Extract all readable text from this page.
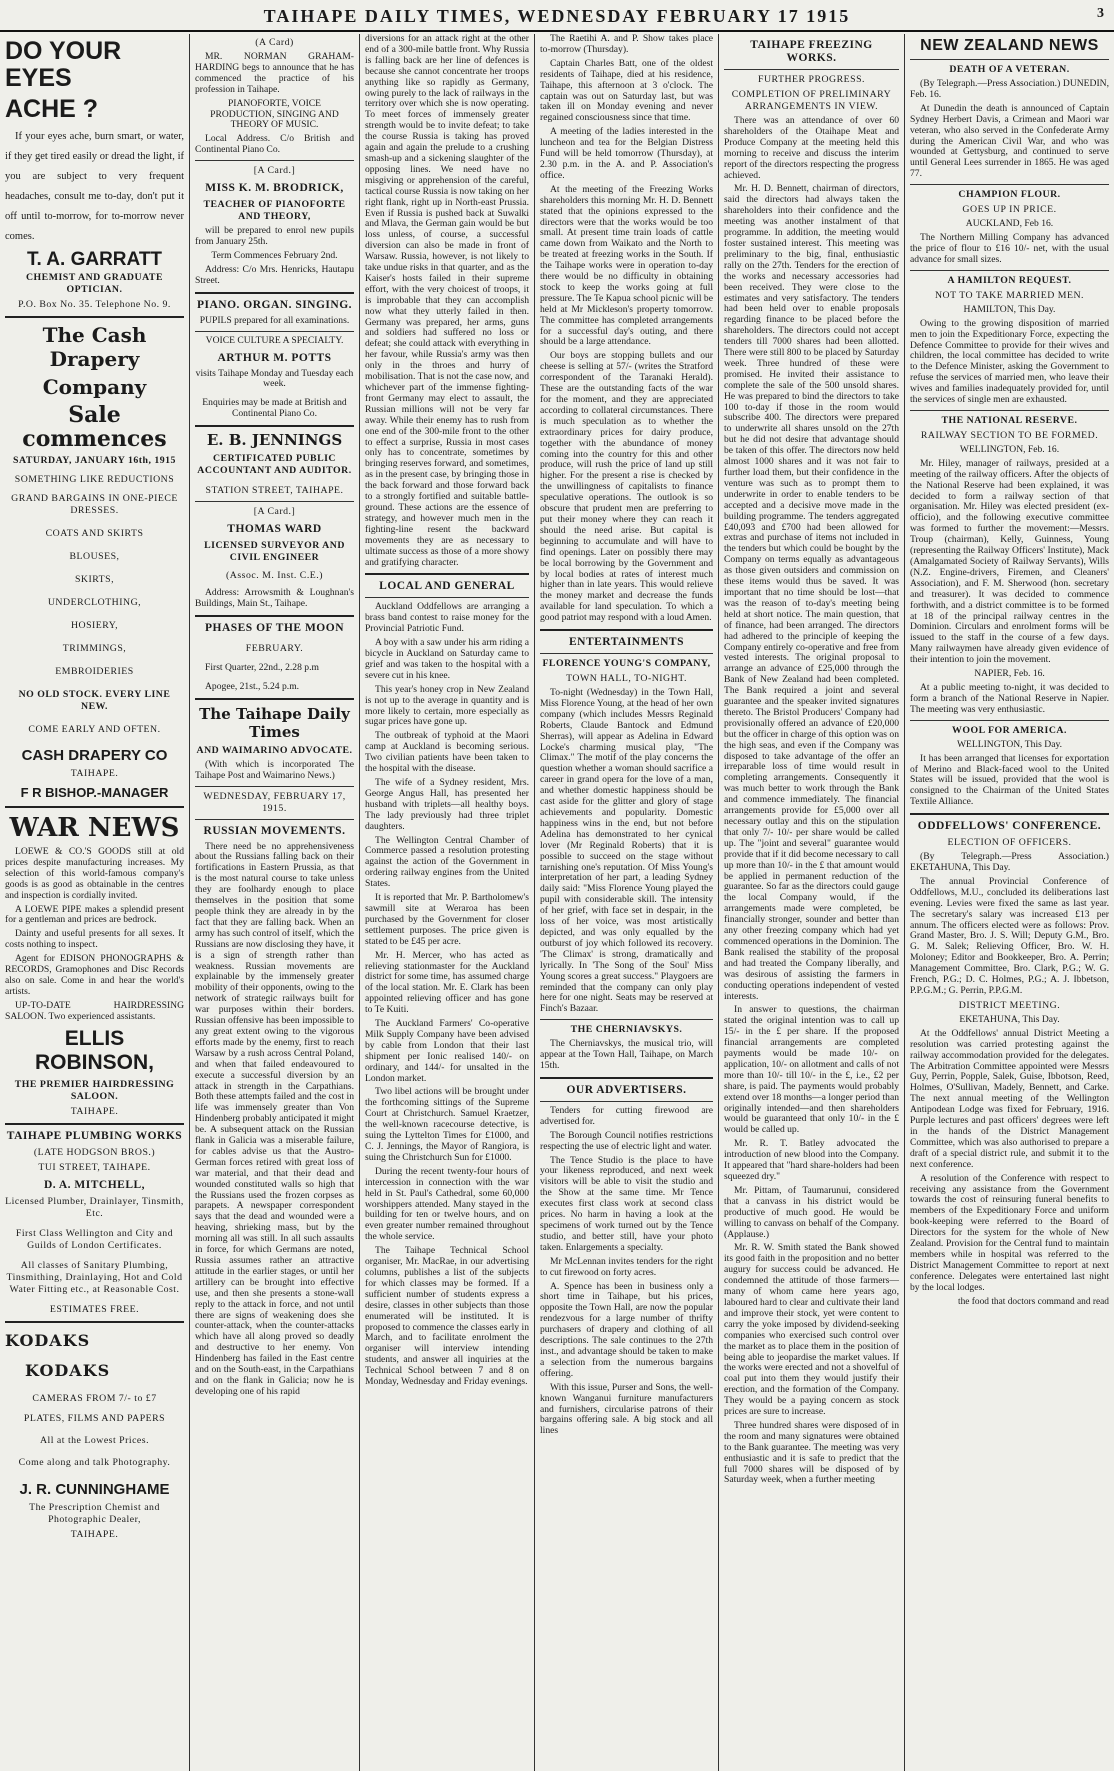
TAIHAPE DAILY TIMES, WEDNESDAY FEBRUARY 17 1915	3
DO YOUR EYES
ACHE ?

If your eyes ache, burn smart, or water, if they get tired easily or dread the light, if you are subject to very frequent headaches, consult me to-day, don't put it off until to-morrow, for to-morrow never comes.

T. A. GARRATT
CHEMIST AND GRADUATE OPTICIAN.
P.O. Box No. 35. Telephone No. 9.
The Cash Drapery
Company
Sale commences
SATURDAY, JANUARY 16th, 1915
SOMETHING LIKE REDUCTIONS
GRAND BARGAINS IN ONE-PIECE DRESSES.
COATS AND SKIRTS
BLOUSES,
SKIRTS,
UNDERCLOTHING,
HOSIERY,
TRIMMINGS,
EMBROIDERIES
NO OLD STOCK. EVERY LINE NEW.
COME EARLY AND OFTEN.
CASH DRAPERY CO
TAIHAPE.
F R BISHOP.-MANAGER
WAR NEWS

LOEWE & CO.'S GOODS still at old prices despite manufacturing increases. My selection of this world-famous company's goods is as good as obtainable in the centres and inspection is cordially invited.

A LOEWE PIPE makes a splendid present for a gentleman and prices are bedrock.

Dainty and useful presents for all sexes. It costs nothing to inspect.

Agent for EDISON PHONOGRAPHS & RECORDS, Gramophones and Disc Records also on sale. Come in and hear the world's artists.

UP-TO-DATE HAIRDRESSING SALOON. Two experienced assistants.

ELLIS ROBINSON,
THE PREMIER HAIRDRESSING SALOON.
TAIHAPE.
TAIHAPE PLUMBING WORKS
(LATE HODGSON BROS.)
TUI STREET, TAIHAPE.
D. A. MITCHELL,
Licensed Plumber, Drainlayer, Tinsmith, Etc.
First Class Wellington and City and Guilds of London Certificates.
All classes of Sanitary Plumbing, Tinsmithing, Drainlaying, Hot and Cold Water Fitting etc., at Reasonable Cost.
ESTIMATES FREE.
KODAKS
KODAKS
CAMERAS FROM 7/- to £7
PLATES, FILMS AND PAPERS
All at the Lowest Prices.
Come along and talk Photography.
J. R. CUNNINGHAME
The Prescription Chemist and Photographic Dealer,
TAIHAPE.
(A Card)

MR. NORMAN GRAHAM-HARDING begs to announce that he has commenced the practice of his profession in Taihape.

PIANOFORTE, VOICE PRODUCTION, SINGING AND THEORY OF MUSIC.

Local Address. C/o British and Continental Piano Co.

[A Card.]
MISS K. M. BRODRICK,
TEACHER OF PIANOFORTE AND THEORY,

will be prepared to enrol new pupils from January 25th.

Term Commences February 2nd.

Address: C/o Mrs. Henricks, Hautapu Street.

PIANO. ORGAN. SINGING.

PUPILS prepared for all examinations.

VOICE CULTURE A SPECIALTY.

ARTHUR M. POTTS

visits Taihape Monday and Tuesday each week.

Enquiries may be made at British and Continental Piano Co.

E. B. JENNINGS
CERTIFICATED PUBLIC ACCOUNTANT AND AUDITOR.
STATION STREET, TAIHAPE.
[A Card.]
THOMAS WARD
LICENSED SURVEYOR AND CIVIL ENGINEER
(Assoc. M. Inst. C.E.)

Address: Arrowsmith & Loughnan's Buildings, Main St., Taihape.

PHASES OF THE MOON
FEBRUARY.

First Quarter, 22nd., 2.28 p.m

Apogee, 21st., 5.24 p.m.

The Taihape Daily Times
AND WAIMARINO ADVOCATE.

(With which is incorporated The Taihape Post and Waimarino News.)

WEDNESDAY, FEBRUARY 17, 1915.
RUSSIAN MOVEMENTS.

There need be no apprehensiveness about the Russians falling back on their fortifications in Eastern Prussia, as that is the most natural course to take unless they are foolhardy enough to place themselves in the position that some people think they are already in by the fact that they are falling back. When an army has such control of itself, which the Russians are now disclosing they have, it is a sign of strength rather than weakness. Russian movements are explainable by the immensely greater mobility of their opponents, owing to the network of strategic railways built for war purposes within their borders. Russian offensive has been impossible to any great extent owing to the vigorous efforts made by the enemy, first to reach Warsaw by a rush across Central Poland, and when that failed endeavoured to execute a successful diversion by an attack in strength in the Carpathians. Both these attempts failed and the cost in life was immensely greater than Von Hindenberg probably anticipated it might be. A subsequent attack on the Russian flank in Galicia was a miserable failure, for cables advise us that the Austro-German forces retired with great loss of war material, and that their dead and wounded constituted walls so high that the Russians used the frozen corpses as parapets. A newspaper correspondent says that the dead and wounded were a heaving, shrieking mass, but by the morning all was still. In all such assaults in force, for which Germans are noted, Russia assumes rather an attractive attitude in the earlier stages, or until her artillery can be brought into effective use, and then she presents a stone-wall reply to the attack in force, and not until there are signs of weakening does she counter-attack, when the counter-attacks which have all along proved so deadly and destructive to her enemy. Von Hindenberg has failed in the East centre and on the South-east, in the Carpathians and on the flank in Galicia; now he is developing one of his rapid

diversions for an attack right at the other end of a 300-mile battle front. Why Russia is falling back are her line of defences is because she cannot concentrate her troops anything like so rapidly as Germany, owing purely to the lack of railways in the territory over which she is now operating. To meet forces of immensely greater strength would be to invite defeat; to take the course Russia is taking has proved again and again the prelude to a crushing smash-up and a sickening slaughter of the opposing lines. We need have no misgiving or apprehension of the careful, tactical course Russia is now taking on her right flank, right up in North-east Prussia. Even if Russia is pushed back at Suwalki and Mlava, the German gain would be but loss unless, of course, a successful diversion can also be made in front of Warsaw. Russia, however, is not likely to take undue risks in that quarter, and as the Kaiser's hosts failed in their supreme effort, with the very choicest of troops, it is improbable that they can accomplish now what they utterly failed in then. Germany was prepared, her arms, guns and soldiers had suffered no loss or defeat; she could attack with everything in her favour, while Russia's army was then only in the throes and hurry of mobilisation. That is not the case now, and whichever part of the immense fighting-front Germany may elect to assault, the Russian millions will not be very far away. While their enemy has to rush from one end of the 300-mile front to the other to effect a surprise, Russia in most cases only has to concentrate, sometimes by bringing reserves forward, and sometimes, as in the present case, by bringing those in the back forward and those forward back to a strongly fortified and suitable battle-ground. These actions are the essence of strategy, and however much men in the fighting-line resent the backward movements they are as necessary to ultimate success as those of a more showy and gratifying character.

LOCAL AND GENERAL

Auckland Oddfellows are arranging a brass band contest to raise money for the Provincial Patriotic Fund.

A boy with a saw under his arm riding a bicycle in Auckland on Saturday came to grief and was taken to the hospital with a severe cut in his knee.

This year's honey crop in New Zealand is not up to the average in quantity and is more likely to certain, more especially as sugar prices have gone up.

The outbreak of typhoid at the Maori camp at Auckland is becoming serious. Two civilian patients have been taken to the hospital with the disease.

The wife of a Sydney resident, Mrs. George Angus Hall, has presented her husband with triplets—all healthy boys. The lady previously had three triplet daughters.

The Wellington Central Chamber of Commerce passed a resolution protesting against the action of the Government in ordering railway engines from the United States.

It is reported that Mr. P. Bartholomew's sawmill site at Weraroa has been purchased by the Government for closer settlement purposes. The price given is stated to be £45 per acre.

Mr. H. Mercer, who has acted as relieving stationmaster for the Auckland district for some time, has assumed charge of the local station. Mr. E. Clark has been appointed relieving officer and has gone to Te Kuiti.

The Auckland Farmers' Co-operative Milk Supply Company have been advised by cable from London that their last shipment per Ionic realised 140/- on ordinary, and 144/- for unsalted in the London market.

Two libel actions will be brought under the forthcoming sittings of the Supreme Court at Christchurch. Samuel Kraetzer, the well-known racecourse detective, is suing the Lyttelton Times for £1000, and C. J. Jennings, the Mayor of Rangiora, is suing the Christchurch Sun for £1000.

During the recent twenty-four hours of intercession in connection with the war held in St. Paul's Cathedral, some 60,000 worshippers attended. Many stayed in the building for ten or twelve hours, and on even greater number remained throughout the whole service.

The Taihape Technical School organiser, Mr. MacRae, in our advertising columns, publishes a list of the subjects for which classes may be formed. If a sufficient number of students express a desire, classes in other subjects than those enumerated will be instituted. It is proposed to commence the classes early in March, and to facilitate enrolment the organiser will interview intending students, and answer all inquiries at the Technical School between 7 and 8 on Monday, Wednesday and Friday evenings.

The Raetihi A. and P. Show takes place to-morrow (Thursday).

Captain Charles Batt, one of the oldest residents of Taihape, died at his residence, Taihape, this afternoon at 3 o'clock. The captain was out on Saturday last, but was taken ill on Monday evening and never regained consciousness since that time.

A meeting of the ladies interested in the luncheon and tea for the Belgian Distress Fund will be held tomorrow (Thursday), at 2.30 p.m. in the A. and P. Association's office.

At the meeting of the Freezing Works shareholders this morning Mr. H. D. Bennett stated that the opinions expressed to the directors were that the works would be too small. At present time train loads of cattle came down from Waikato and the North to be treated at freezing works in the South. If the Taihape works were in operation to-day there would be no difficulty in obtaining stock to keep the works going at full pressure. The Te Kapua school picnic will be held at Mr Mickleson's property tomorrow. The committee has completed arrangements for a successful day's outing, and there should be a large attendance.

Our boys are stopping bullets and our cheese is selling at 57/- (writes the Stratford correspondent of the Taranaki Herald). These are the outstanding facts of the war for the moment, and they are appreciated according to collateral circumstances. There is much speculation as to whether the extraordinary prices for dairy produce, together with the abundance of money coming into the country for this and other produce, will rush the price of land up still higher. For the present a rise is checked by the unwillingness of capitalists to finance speculative operations. The outlook is so obscure that prudent men are preferring to put their money where they can reach it should the need arise. But capital is beginning to accumulate and will have to find openings. Later on possibly there may be local borrowing by the Government and by local bodies at rates of interest much higher than in late years. This would relieve the money market and decrease the funds available for land speculation. To which a good patriot may respond with a loud Amen.

ENTERTAINMENTS
FLORENCE YOUNG'S COMPANY,
TOWN HALL, TO-NIGHT.

To-night (Wednesday) in the Town Hall, Miss Florence Young, at the head of her own company (which includes Messrs Reginald Roberts, Claude Bantock and Edmund Sherras), will appear as Adelina in Edward Locke's charming musical play, "The Climax." The motif of the play concerns the question whether a woman should sacrifice a career in grand opera for the love of a man, and whether domestic happiness should be cast aside for the glitter and glory of stage achievements and popularity. Domestic happiness wins in the end, but not before Adelina has demonstrated to her cynical lover (Mr Reginald Roberts) that it is possible to succeed on the stage without tarnishing one's reputation. Of Miss Young's interpretation of her part, a leading Sydney daily said: "Miss Florence Young played the pupil with considerable skill. The intensity of her grief, with face set in despair, in the loss of her voice, was most artistically depicted, and was only equalled by the outburst of joy which followed its recovery. 'The Climax' is strong, dramatically and lyrically. In 'The Song of the Soul' Miss Young scores a great success." Playgoers are reminded that the company can only play here for one night. Seats may be reserved at Finch's Bazaar.

THE CHERNIAVSKYS.

The Cherniavskys, the musical trio, will appear at the Town Hall, Taihape, on March 15th.

OUR ADVERTISERS.

Tenders for cutting firewood are advertised for.

The Borough Council notifies restrictions respecting the use of electric light and water.

The Tence Studio is the place to have your likeness reproduced, and next week visitors will be able to visit the studio and the Show at the same time. Mr Tence executes first class work at second class prices. No harm in having a look at the specimens of work turned out by the Tence studio, and better still, have your photo taken. Enlargements a specialty.

Mr McLennan invites tenders for the right to cut firewood on forty acres.

A. Spence has been in business only a short time in Taihape, but his prices, opposite the Town Hall, are now the popular rendezvous for a large number of thrifty purchasers of drapery and clothing of all descriptions. The sale continues to the 27th inst., and advantage should be taken to make a selection from the numerous bargains offering.

With this issue, Purser and Sons, the well-known Wanganui furniture manufacturers and furnishers, circularise patrons of their bargains offering sale. A big stock and all lines

TAIHAPE FREEZING WORKS.
FURTHER PROGRESS.
COMPLETION OF PRELIMINARY ARRANGEMENTS IN VIEW.

There was an attendance of over 60 shareholders of the Otaihape Meat and Produce Company at the meeting held this morning to receive and discuss the interim report of the directors respecting the progress achieved.

Mr. H. D. Bennett, chairman of directors, said the directors had always taken the shareholders into their confidence and the meeting was another instalment of that programme. In addition, the meeting would foster sustained interest. This meeting was preliminary to the big, final, enthusiastic rally on the 27th. Tenders for the erection of the works and necessary accessories had been received. They were close to the estimates and very satisfactory. The tenders had been held over to enable proposals regarding finance to be placed before the shareholders. The directors could not accept tenders till 7000 shares had been allotted. There were still 800 to be placed by Saturday week. Three hundred of these were promised. He invited their assistance to complete the sale of the 500 unsold shares. He was prepared to bind the directors to take 100 to-day if those in the room would subscribe 400. The directors were prepared to underwrite all shares unsold on the 27th but he did not desire that advantage should be taken of this offer. The directors now held almost 1000 shares and it was not fair to further load them, but their confidence in the venture was such as to prompt them to underwrite in order to enable tenders to be accepted and a decisive move made in the building programme. The tenders aggregated £40,093 and £700 had been allowed for extras and purchase of items not included in the tenders but which could be bought by the Company on terms equally as advantageous as those given outsiders and commission on these items would thus be saved. It was important that no time should be lost—that was the reason of to-day's meeting being held at short notice. The main question, that of finance, had been arranged. The directors had adhered to the principle of keeping the Company entirely co-operative and free from vested interests. The original proposal to arrange an advance of £25,000 through the Bank of New Zealand had been completed. The Bank required a joint and several guarantee and the speaker invited signatures thereto. The Bristol Producers' Company had provisionally offered an advance of £20,000 but the officer in charge of this option was on the high seas, and even if the Company was disposed to take advantage of the offer an irreparable loss of time would result in completing arrangements. Consequently it was much better to work through the Bank and commence immediately. The financial arrangements provide for £5,000 over all necessary outlay and this on the stipulation that only 7/- 10/- per share would be called up. The "joint and several" guarantee would provide that if it did become necessary to call up more than 10/- in the £ that amount would be applied in permanent reduction of the guarantee. So far as the directors could gauge the local Company would, if the arrangements made were completed, be financially stronger, sounder and better than any other freezing company which had yet commenced operations in the Dominion. The Bank realised the stability of the proposal and had treated the Company liberally, and was desirous of assisting the farmers in conducting operations independent of vested interests.

In answer to questions, the chairman stated the original intention was to call up 15/- in the £ per share. If the proposed financial arrangements are completed payments would be made 10/- on application, 10/- on allotment and calls of not more than 10/- till 10/- in the £, i.e., £2 per share, is paid. The payments would probably extend over 18 months—a longer period than originally intended—and then shareholders would be guaranteed that only 10/- in the £ would be called up.

Mr. R. T. Batley advocated the introduction of new blood into the Company. It appeared that "hard share-holders had been squeezed dry."

Mr. Pittam, of Taumarunui, considered that a canvass in his district would be productive of much good. He would be willing to canvass on behalf of the Company. (Applause.)

Mr. R. W. Smith stated the Bank showed its good faith in the proposition and no better augury for success could be advanced. He condemned the attitude of those farmers—many of whom came here years ago, laboured hard to clear and cultivate their land and improve their stock, yet were content to carry the yoke imposed by dividend-seeking companies who exercised such control over the market as to place them in the position of being able to jeopardise the market values. If the works were erected and not a shovelful of coal put into them they would justify their erection, and the formation of the Company. They would be a paying concern as stock prices are sure to increase.

Three hundred shares were disposed of in the room and many signatures were obtained to the Bank guarantee. The meeting was very enthusiastic and it is safe to predict that the full 7000 shares will be disposed of by Saturday week, when a further meeting

NEW ZEALAND NEWS
DEATH OF A VETERAN.

(By Telegraph.—Press Association.) DUNEDIN, Feb. 16.

At Dunedin the death is announced of Captain Sydney Herbert Davis, a Crimean and Maori war veteran, who also served in the Confederate Army during the American Civil War, and who was wounded at Gettysburg, and continued to serve until General Lees surrender in 1865. He was aged 77.

CHAMPION FLOUR.
GOES UP IN PRICE.

AUCKLAND, Feb 16.

The Northern Milling Company has advanced the price of flour to £16 10/- net, with the usual advance for small sizes.

A HAMILTON REQUEST.
NOT TO TAKE MARRIED MEN.

HAMILTON, This Day.

Owing to the growing disposition of married men to join the Expeditionary Force, expecting the Defence Committee to provide for their wives and children, the local committee has decided to write to the Defence Minister, asking the Government to refuse the services of married men, who leave their wives and families inadequately provided for, until the services of single men are exhausted.

THE NATIONAL RESERVE.
RAILWAY SECTION TO BE FORMED.

WELLINGTON, Feb. 16.

Mr. Hiley, manager of railways, presided at a meeting of the railway officers. After the objects of the National Reserve had been explained, it was decided to form a railway section of that organisation. Mr. Hiley was elected president (ex-officio), and the following executive committee was formed to further the movement:—Messrs. Troup (chairman), Kelly, Guinness, Young (representing the Railway Officers' Institute), Mack (Amalgamated Society of Railway Servants), Wills (N.Z. Engine-drivers, Firemen, and Cleaners' Association), and F. M. Sherwood (hon. secretary and treasurer). It was decided to commence forthwith, and a district committee is to be formed at 18 of the principal railway centres in the Dominion. Circulars and enrolment forms will be issued to the staff in the course of a few days. Many railwaymen have already given evidence of their intention to join the movement.

NAPIER, Feb. 16.

At a public meeting to-night, it was decided to form a branch of the National Reserve in Napier. The meeting was very enthusiastic.

WOOL FOR AMERICA.

WELLINGTON, This Day.

It has been arranged that licenses for exportation of Merino and Black-faced wool to the United States will be issued, provided that the wool is consigned to the Chairman of the United States Textile Alliance.

ODDFELLOWS' CONFERENCE.
ELECTION OF OFFICERS.

(By Telegraph.—Press Association.) EKETAHUNA, This Day.

The annual Provincial Conference of Oddfellows, M.U., concluded its deliberations last evening. Levies were fixed the same as last year. The secretary's salary was increased £13 per annum. The officers elected were as follows: Prov. Grand Master, Bro. J. S. Will; Deputy G.M., Bro. G. M. Salek; Relieving Officer, Bro. W. H. Moloney; Editor and Bookkeeper, Bro. A. Perrin; Management Committee, Bro. Clark, P.G.; W. G. French, P.G.; D. C. Holmes, P.G.; A. J. Ibbetson, P.P.G.M.; G. Perrin, P.P.G.M.

DISTRICT MEETING.

EKETAHUNA, This Day.

At the Oddfellows' annual District Meeting a resolution was carried protesting against the railway accommodation provided for the delegates. The Arbitration Committee appointed were Messrs Guy, Perrin, Popple, Salek, Guise, Ibbotson, Reed, Holmes, O'Sullivan, Madely, Bennett, and Carke. The next annual meeting of the Wellington Antipodean Lodge was fixed for February, 1916. Purple lectures and past officers' degrees were left in the hands of the District Management Committee, which was also authorised to prepare a draft of a special district rule, and submit it to the next conference.

A resolution of the Conference with respect to receiving any assistance from the Government towards the cost of reinsuring funeral benefits to members of the Expeditionary Force and uniform book-keeping were referred to the Board of Directors for the system for the whole of New Zealand. Provision for the Central fund to maintain members while in hospital was referred to the District Management Committee to report at next conference. Delegates were entertained last night by the local lodges.

the food that doctors command and read
